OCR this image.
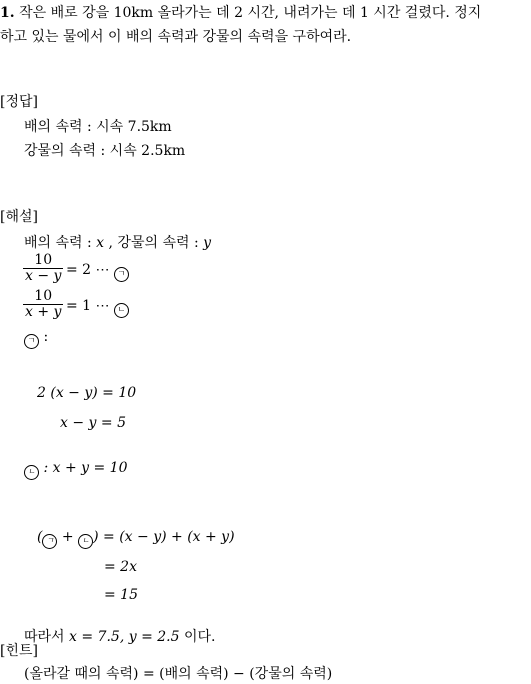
1. 작은 배로 강을 10km 올라가는 데 2 시간, 내려가는 데 1 시간 걸렸다. 정지
하고 있는 물에서 이 배의 속력과 강물의 속력을 구하여라.
[정답]
배의 속력 : 시속 7.5km
강물의 속력 : 시속 2.5km
[해설]
배의 속력 : x , 강물의 속력 : y
$\frac{10}{x - y} = 2$ ⋯ ㄱ
$\frac{10}{x + y} = 1$ ⋯ ㄴ
ㄱ :
2 (x − y) = 10
x − y = 5
ㄴ : x + y = 10
( ㄱ + ㄴ ) = (x − y) + (x + y)
= 2x
= 15
따라서 x = 7.5, y = 2.5 이다.
[힌트]
(올라갈 때의 속력) = (배의 속력) − (강물의 속력)
